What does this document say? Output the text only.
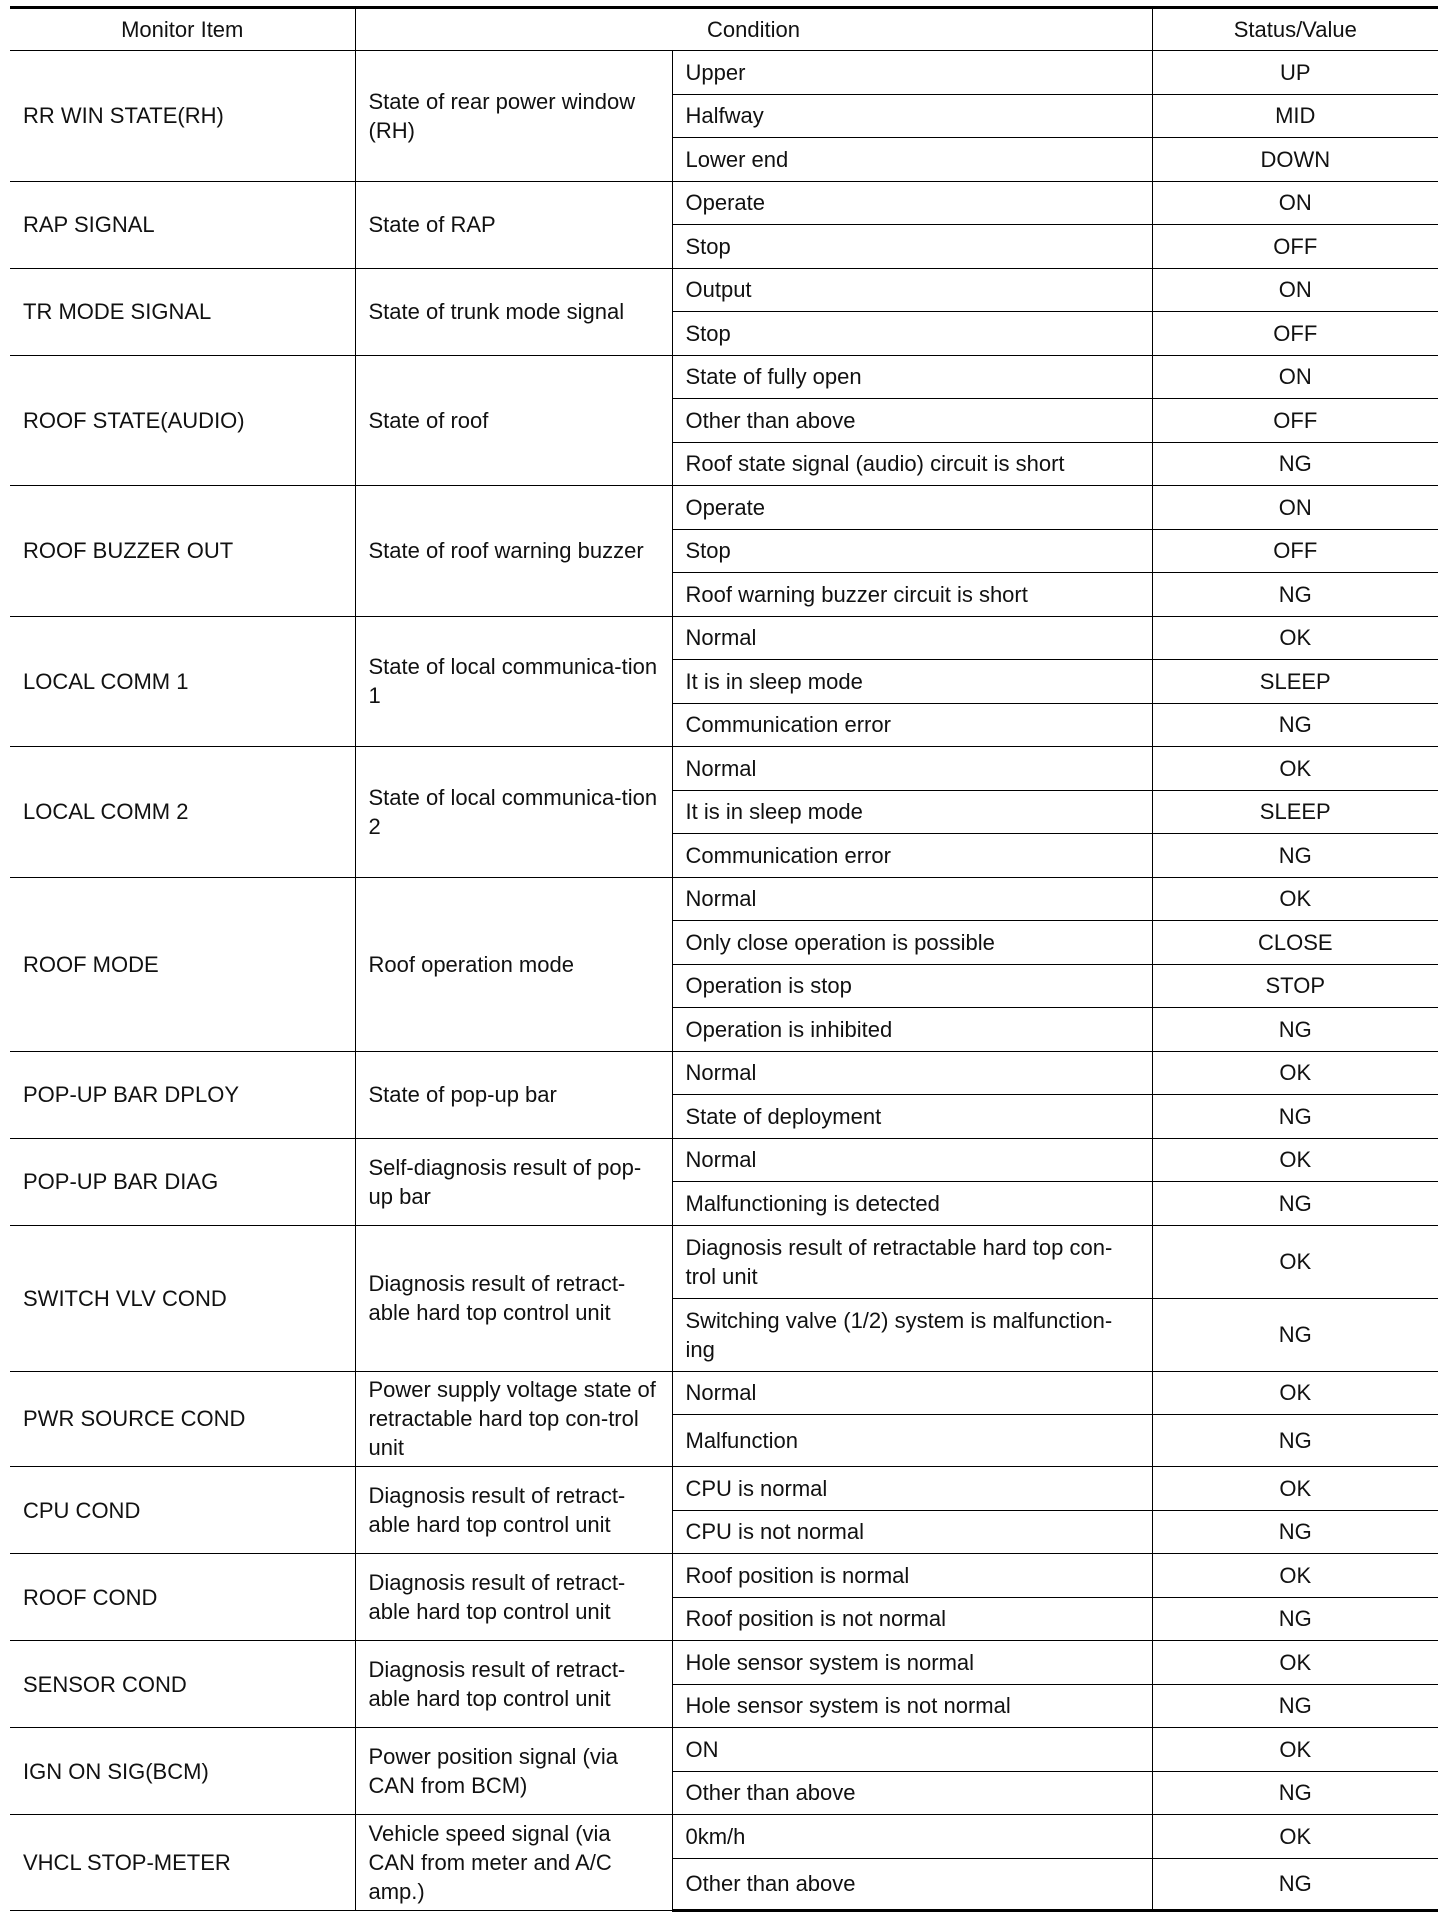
Monitor Item	Condition		Status/Value
RR WIN STATE(RH)	State of rear power window (RH)	Upper	UP
		Halfway	MID
		Lower end	DOWN
RAP SIGNAL	State of RAP	Operate	ON
		Stop	OFF
TR MODE SIGNAL	State of trunk mode signal	Output	ON
		Stop	OFF
ROOF STATE(AUDIO)	State of roof	State of fully open	ON
		Other than above	OFF
		Roof state signal (audio) circuit is short	NG
ROOF BUZZER OUT	State of roof warning buzzer	Operate	ON
		Stop	OFF
		Roof warning buzzer circuit is short	NG
LOCAL COMM 1	State of local communica-tion 1	Normal	OK
		It is in sleep mode	SLEEP
		Communication error	NG
LOCAL COMM 2	State of local communica-tion 2	Normal	OK
		It is in sleep mode	SLEEP
		Communication error	NG
ROOF MODE	Roof operation mode	Normal	OK
		Only close operation is possible	CLOSE
		Operation is stop	STOP
		Operation is inhibited	NG
POP-UP BAR DPLOY	State of pop-up bar	Normal	OK
		State of deployment	NG
POP-UP BAR DIAG	Self-diagnosis result of pop-up bar	Normal	OK
		Malfunctioning is detected	NG
SWITCH VLV COND	Diagnosis result of retract-able hard top control unit	Diagnosis result of retractable hard top con-trol unit	OK
		Switching valve (1/2) system is malfunction-ing	NG
PWR SOURCE COND	Power supply voltage state of retractable hard top con-trol unit	Normal	OK
		Malfunction	NG
CPU COND	Diagnosis result of retract-able hard top control unit	CPU is normal	OK
		CPU is not normal	NG
ROOF COND	Diagnosis result of retract-able hard top control unit	Roof position is normal	OK
		Roof position is not normal	NG
SENSOR COND	Diagnosis result of retract-able hard top control unit	Hole sensor system is normal	OK
		Hole sensor system is not normal	NG
IGN ON SIG(BCM)	Power position signal (via CAN from BCM)	ON	OK
		Other than above	NG
VHCL STOP-METER	Vehicle speed signal (via CAN from meter and A/C amp.)	0km/h	OK
		Other than above	NG
